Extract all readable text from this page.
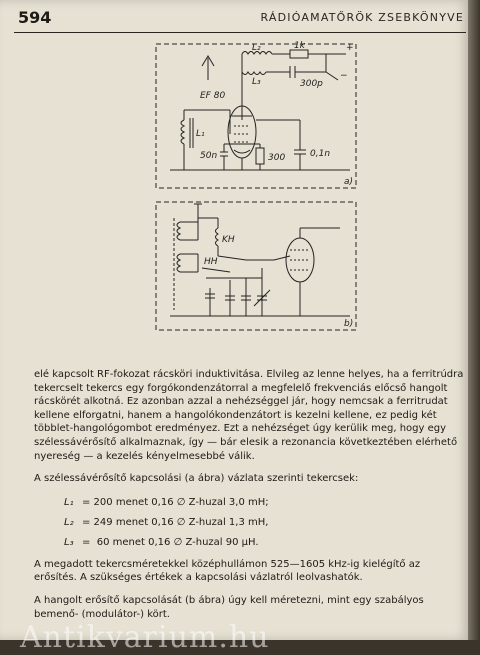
594	RÁDIÓAMATŐRÖK ZSEBKÖNYVE
L₂
L₃
1k
300p
EF 80
L₁
50n	300	0,1n
+
−
a)
KH
HH
b)

elé kapcsolt RF-fokozat rácsköri induktivitása. Elvileg az lenne helyes, ha a ferritrúdra tekercselt tekercs egy forgókondenzátorral a megfelelő frekvenciás előcső hangolt rácskörét alkotná. Ez azonban azzal a nehézséggel jár, hogy nemcsak a ferritrudat kellene elforgatni, hanem a hangolókondenzátort is kezelni kellene, ez pedig két többlet-hangológombot eredményez. Ezt a nehézséget úgy kerülik meg, hogy egy szélessávérősítő alkalmaznak, így — bár elesik a rezonancia következtében elérhető nyereség — a kezelés kényelmesebbé válik.

A szélessávérősítő kapcsolási (a ábra) vázlata szerinti tekercsek:

L₁ = 200 menet 0,16 ∅ Z-huzal 3,0 mH;
L₂ = 249 menet 0,16 ∅ Z-huzal 1,3 mH,
L₃ =  60 menet 0,16 ∅ Z-huzal 90 μH.

A megadott tekercsméretekkel középhullámon 525—1605 kHz-ig kielégítő az erősítés. A szükséges értékek a kapcsolási vázlatról leolvashatók.

A hangolt erősítő kapcsolását (b ábra) úgy kell méretezni, mint egy szabályos bemenő- (modulátor-) kört.

Antikvarium.hu
